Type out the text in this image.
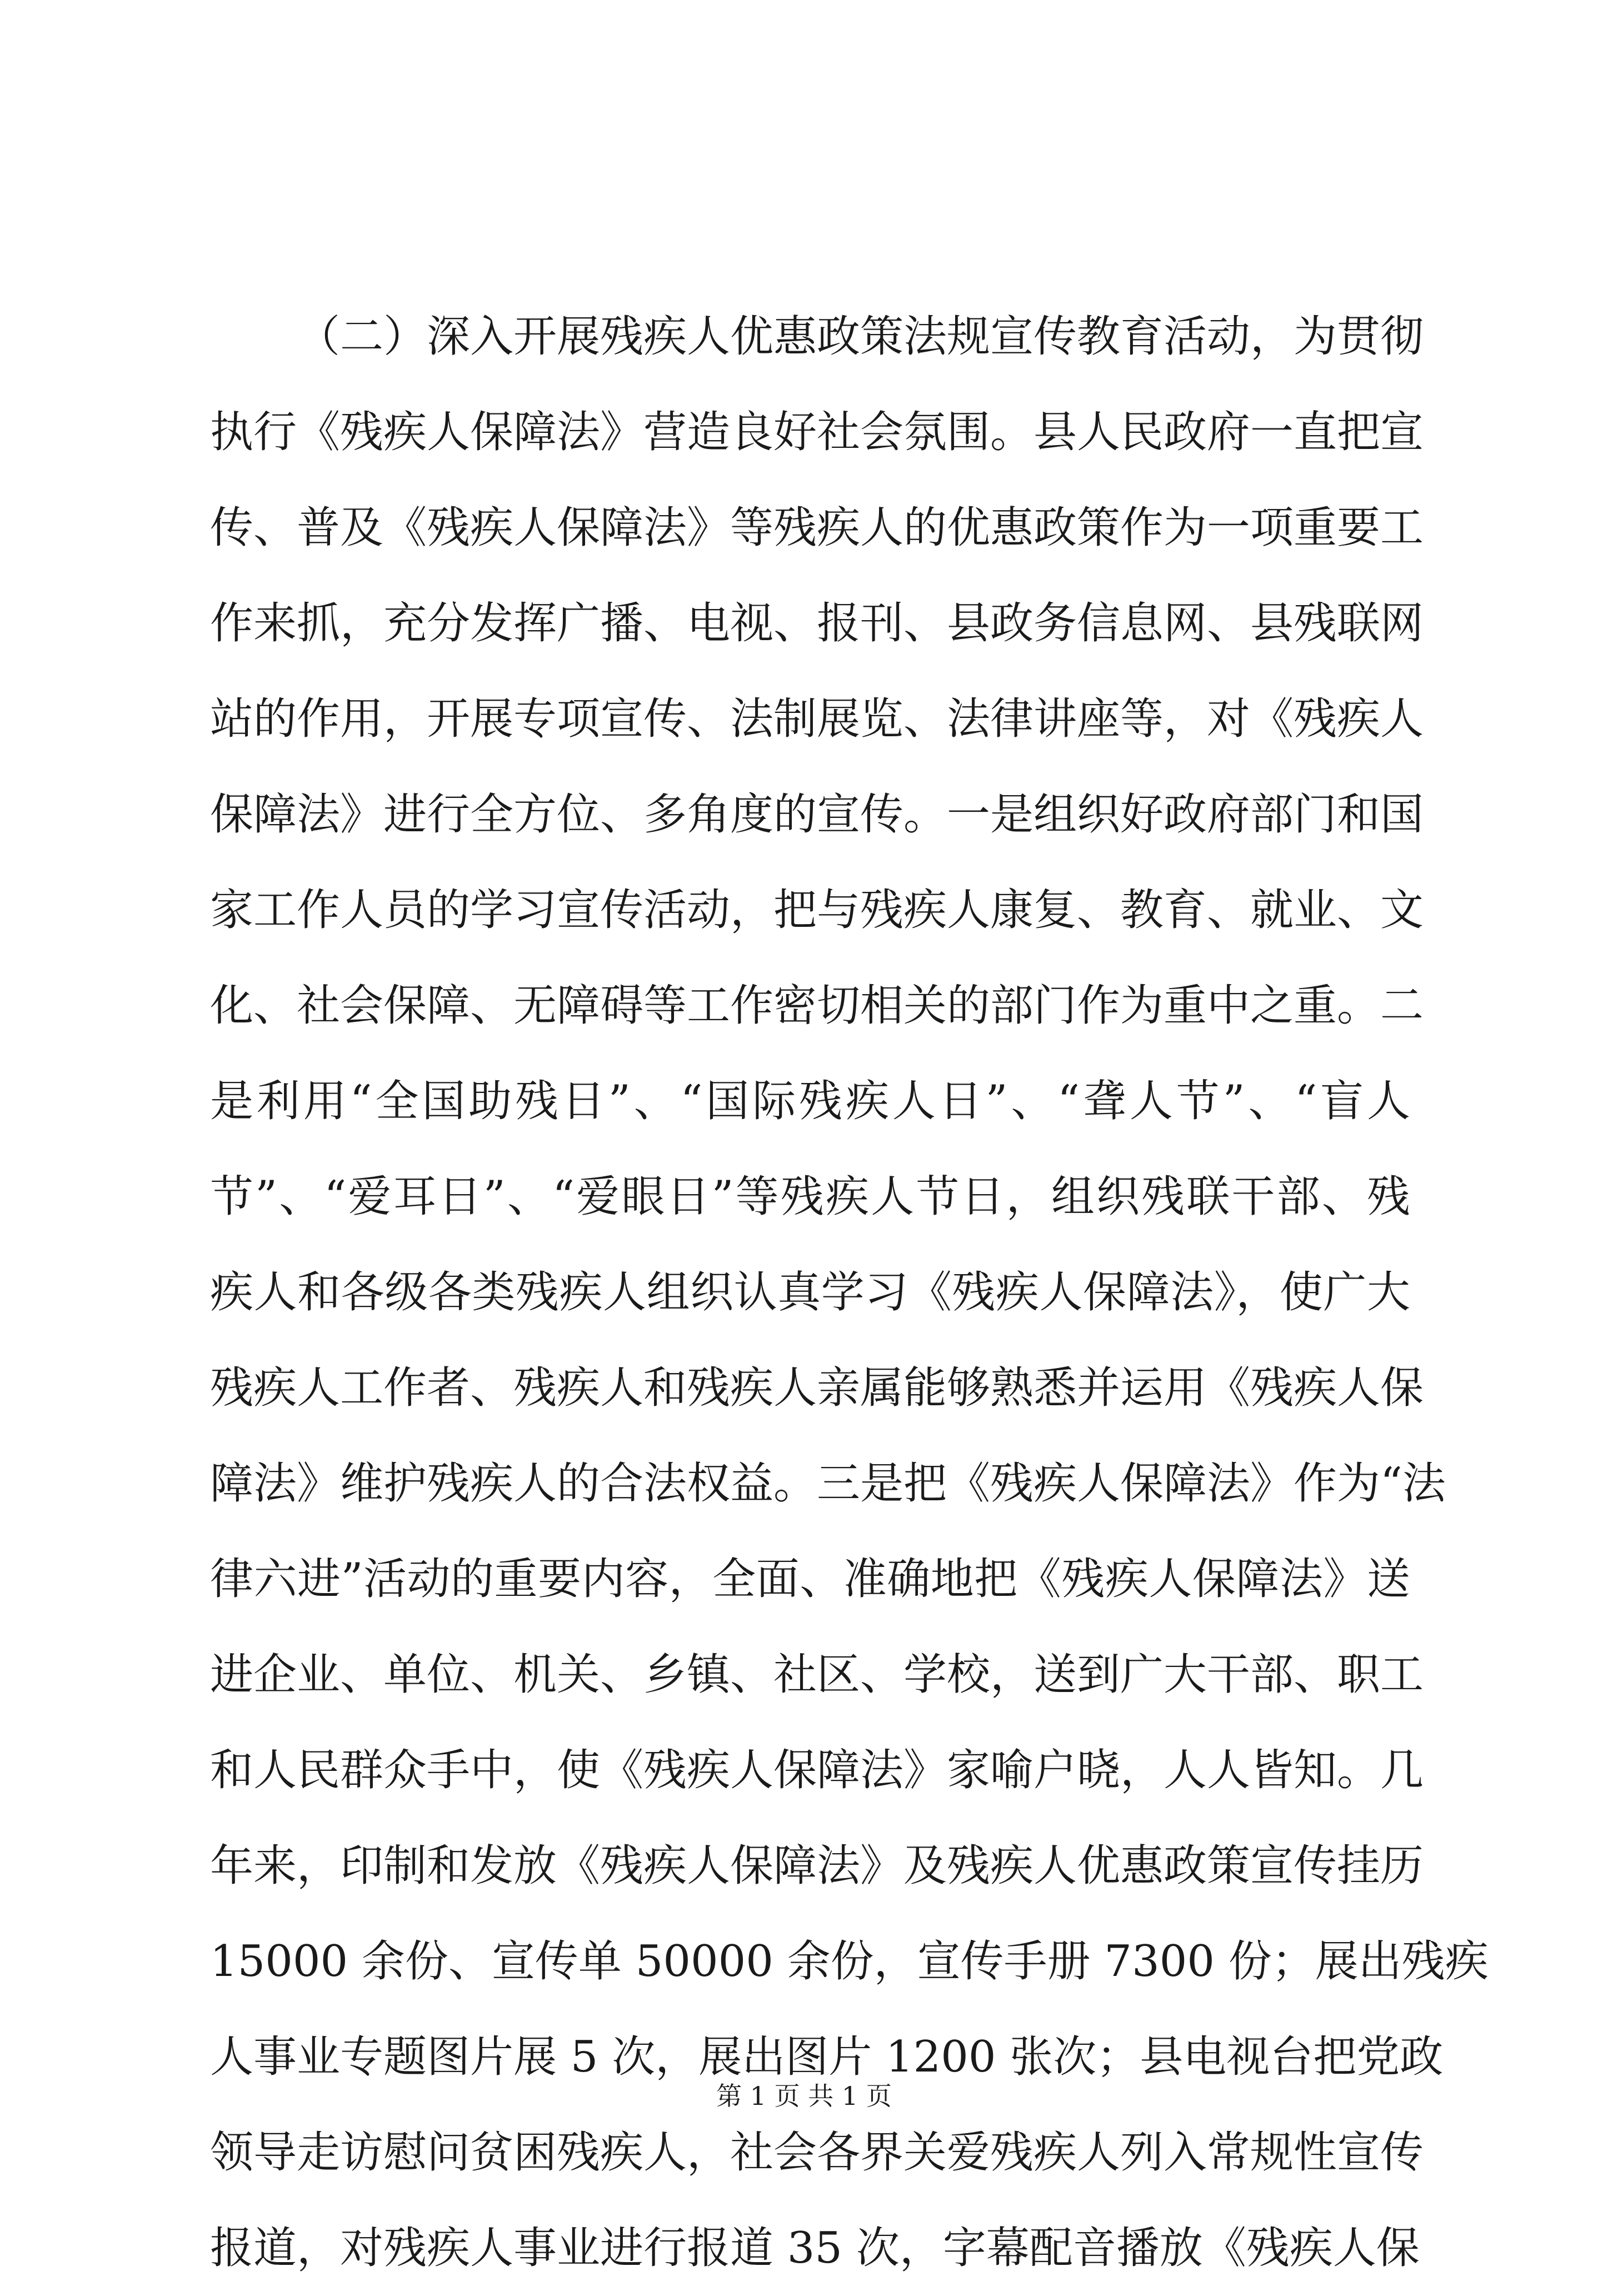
（二）深入开展残疾人优惠政策法规宣传教育活动，为贯彻
执行《残疾人保障法》营造良好社会氛围。县人民政府一直把宣
传、普及《残疾人保障法》等残疾人的优惠政策作为一项重要工
作来抓，充分发挥广播、电视、报刊、县政务信息网、县残联网
站的作用，开展专项宣传、法制展览、法律讲座等，对《残疾人
保障法》进行全方位、多角度的宣传。一是组织好政府部门和国
家工作人员的学习宣传活动，把与残疾人康复、教育、就业、文
化、社会保障、无障碍等工作密切相关的部门作为重中之重。二
是利用“全国助残日”、“国际残疾人日”、“聋人节”、“盲人
节”、“爱耳日”、“爱眼日”等残疾人节日，组织残联干部、残
疾人和各级各类残疾人组织认真学习《残疾人保障法》，使广大
残疾人工作者、残疾人和残疾人亲属能够熟悉并运用《残疾人保
障法》维护残疾人的合法权益。三是把《残疾人保障法》作为“法
律六进”活动的重要内容，全面、准确地把《残疾人保障法》送
进企业、单位、机关、乡镇、社区、学校，送到广大干部、职工
和人民群众手中，使《残疾人保障法》家喻户晓，人人皆知。几
年来，印制和发放《残疾人保障法》及残疾人优惠政策宣传挂历
15000 余份、宣传单 50000 余份，宣传手册 7300 份；展出残疾
人事业专题图片展 5 次，展出图片 1200 张次；县电视台把党政
领导走访慰问贫困残疾人，社会各界关爱残疾人列入常规性宣传
报道，对残疾人事业进行报道 35 次，字幕配音播放《残疾人保
第 1 页 共 1 页
